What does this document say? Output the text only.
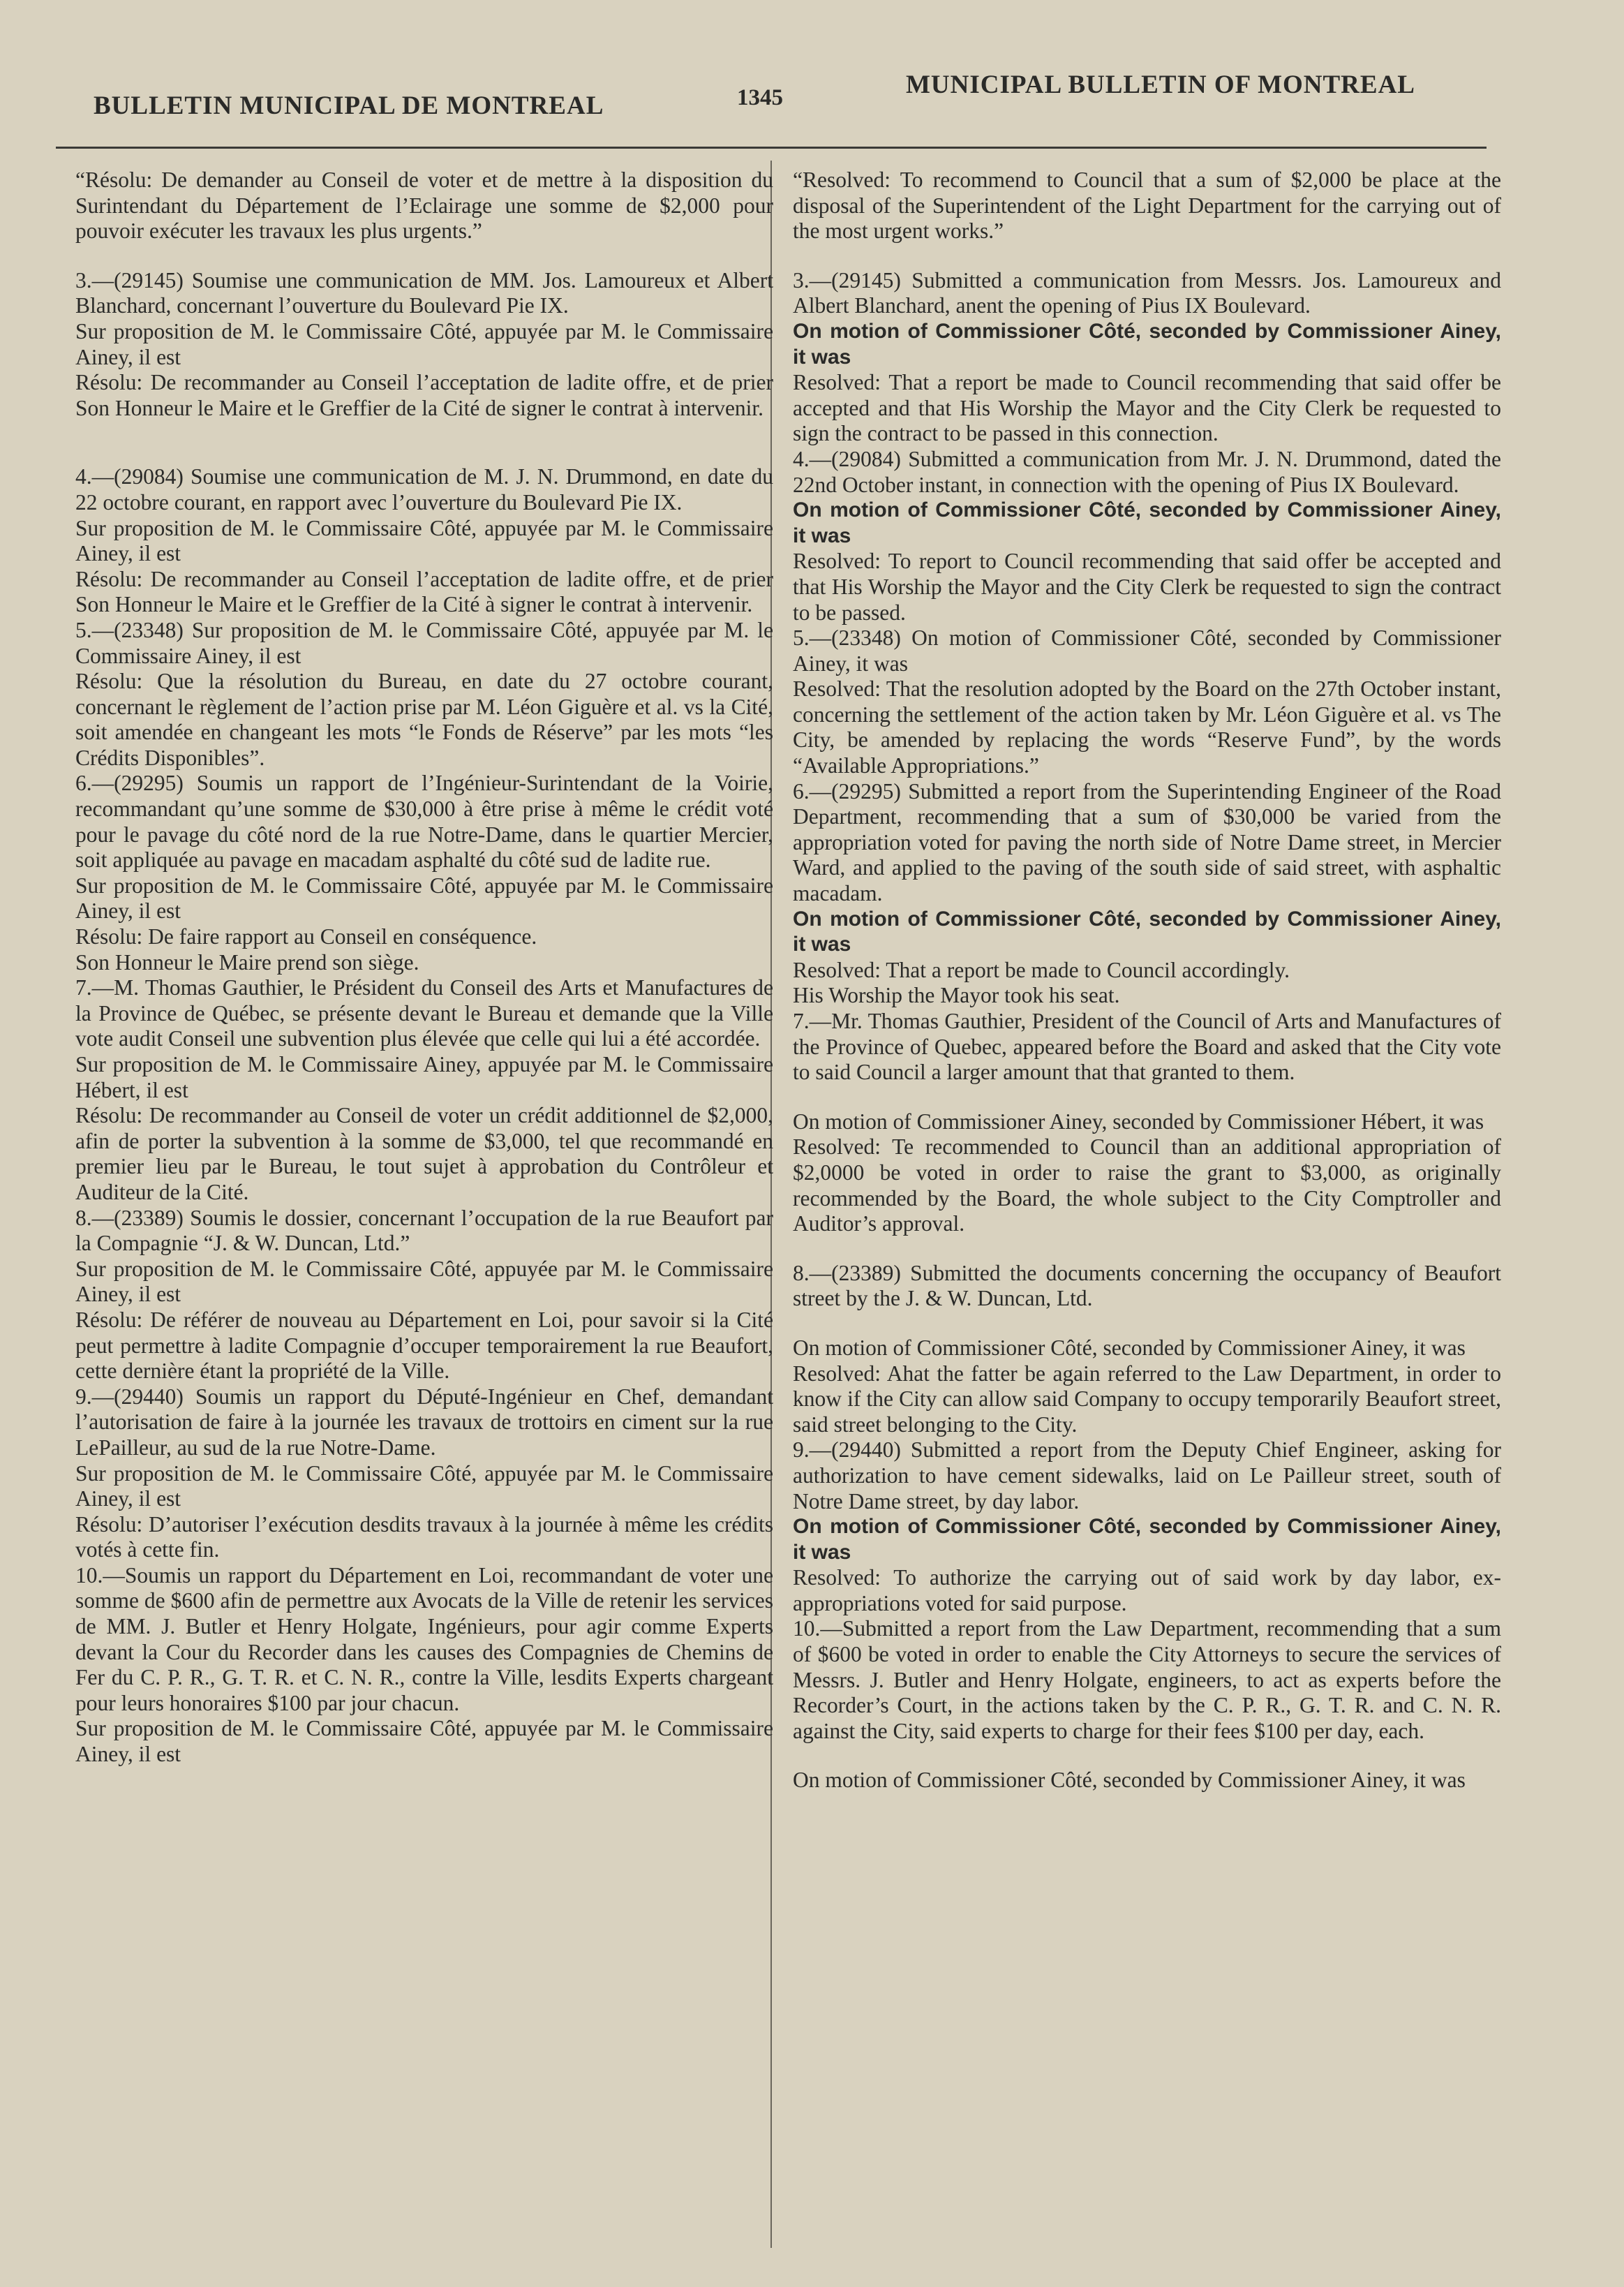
BULLETIN MUNICIPAL DE MONTREAL	1345	MUNICIPAL BULLETIN OF MONTREAL

“Résolu: De demander au Conseil de voter et de mettre à la disposition du Surintendant du Département de l’Eclairage une somme de $2,000 pour pouvoir exécuter les travaux les plus urgents.”

3.—(29145) Soumise une communication de MM. Jos. Lamoureux et Albert Blanchard, concernant l’ouverture du Boulevard Pie IX.

Sur proposition de M. le Commissaire Côté, appuyée par M. le Commissaire Ainey, il est

Résolu: De recommander au Conseil l’acceptation de ladite offre, et de prier Son Honneur le Maire et le Greffier de la Cité de signer le contrat à intervenir.

4.—(29084) Soumise une communication de M. J. N. Drummond, en date du 22 octobre courant, en rapport avec l’ouverture du Boulevard Pie IX.

Sur proposition de M. le Commissaire Côté, appuyée par M. le Commissaire Ainey, il est

Résolu: De recommander au Conseil l’acceptation de ladite offre, et de prier Son Honneur le Maire et le Greffier de la Cité à signer le contrat à intervenir.

5.—(23348) Sur proposition de M. le Commissaire Côté, appuyée par M. le Commissaire Ainey, il est

Résolu: Que la résolution du Bureau, en date du 27 octobre courant, concernant le règlement de l’action prise par M. Léon Giguère et al. vs la Cité, soit amendée en changeant les mots “le Fonds de Réserve” par les mots “les Crédits Disponibles”.

6.—(29295) Soumis un rapport de l’Ingénieur-Surintendant de la Voirie, recommandant qu’une somme de $30,000 à être prise à même le crédit voté pour le pavage du côté nord de la rue Notre-Dame, dans le quartier Mercier, soit appliquée au pavage en macadam asphalté du côté sud de ladite rue.

Sur proposition de M. le Commissaire Côté, appuyée par M. le Commissaire Ainey, il est

Résolu: De faire rapport au Conseil en conséquence.

Son Honneur le Maire prend son siège.

7.—M. Thomas Gauthier, le Président du Conseil des Arts et Manufactures de la Province de Québec, se présente devant le Bureau et demande que la Ville vote audit Conseil une subvention plus élevée que celle qui lui a été accordée.

Sur proposition de M. le Commissaire Ainey, appuyée par M. le Commissaire Hébert, il est

Résolu: De recommander au Conseil de voter un crédit additionnel de $2,000, afin de porter la subvention à la somme de $3,000, tel que recommandé en premier lieu par le Bureau, le tout sujet à approbation du Contrôleur et Auditeur de la Cité.

8.—(23389) Soumis le dossier, concernant l’occupation de la rue Beaufort par la Compagnie “J. & W. Duncan, Ltd.”

Sur proposition de M. le Commissaire Côté, appuyée par M. le Commissaire Ainey, il est

Résolu: De référer de nouveau au Département en Loi, pour savoir si la Cité peut permettre à ladite Compagnie d’occuper temporairement la rue Beaufort, cette dernière étant la propriété de la Ville.

9.—(29440) Soumis un rapport du Député-Ingénieur en Chef, demandant l’autorisation de faire à la journée les travaux de trottoirs en ciment sur la rue LePailleur, au sud de la rue Notre-Dame.

Sur proposition de M. le Commissaire Côté, appuyée par M. le Commissaire Ainey, il est

Résolu: D’autoriser l’exécution desdits travaux à la journée à même les crédits votés à cette fin.

10.—Soumis un rapport du Département en Loi, recommandant de voter une somme de $600 afin de permettre aux Avocats de la Ville de retenir les services de MM. J. Butler et Henry Holgate, Ingénieurs, pour agir comme Experts devant la Cour du Recorder dans les causes des Compagnies de Chemins de Fer du C. P. R., G. T. R. et C. N. R., contre la Ville, lesdits Experts chargeant pour leurs honoraires $100 par jour chacun.

Sur proposition de M. le Commissaire Côté, appuyée par M. le Commissaire Ainey, il est

“Resolved: To recommend to Council that a sum of $2,000 be place at the disposal of the Superintendent of the Light Department for the carrying out of the most urgent works.”

3.—(29145) Submitted a communication from Messrs. Jos. Lamoureux and Albert Blanchard, anent the opening of Pius IX Boulevard.

On motion of Commissioner Côté, seconded by Commissioner Ainey, it was

Resolved: That a report be made to Council recommending that said offer be accepted and that His Worship the Mayor and the City Clerk be requested to sign the contract to be passed in this connection.

4.—(29084) Submitted a communication from Mr. J. N. Drummond, dated the 22nd October instant, in connection with the opening of Pius IX Boulevard.

On motion of Commissioner Côté, seconded by Commissioner Ainey, it was

Resolved: To report to Council recommending that said offer be accepted and that His Worship the Mayor and the City Clerk be requested to sign the contract to be passed.

5.—(23348) On motion of Commissioner Côté, seconded by Commissioner Ainey, it was

Resolved: That the resolution adopted by the Board on the 27th October instant, concerning the settlement of the action taken by Mr. Léon Giguère et al. vs The City, be amended by replacing the words “Reserve Fund”, by the words “Available Appropriations.”

6.—(29295) Submitted a report from the Superintending Engineer of the Road Department, recommending that a sum of $30,000 be varied from the appropriation voted for paving the north side of Notre Dame street, in Mercier Ward, and applied to the paving of the south side of said street, with asphaltic macadam.

On motion of Commissioner Côté, seconded by Commissioner Ainey, it was

Resolved: That a report be made to Council accordingly.

His Worship the Mayor took his seat.

7.—Mr. Thomas Gauthier, President of the Council of Arts and Manufactures of the Province of Quebec, appeared before the Board and asked that the City vote to said Council a larger amount that that granted to them.

On motion of Commissioner Ainey, seconded by Commissioner Hébert, it was

Resolved: Te recommended to Council than an additional appropriation of $2,0000 be voted in order to raise the grant to $3,000, as originally recommended by the Board, the whole subject to the City Comptroller and Auditor’s approval.

8.—(23389) Submitted the documents concerning the occupancy of Beaufort street by the J. & W. Duncan, Ltd.

On motion of Commissioner Côté, seconded by Commissioner Ainey, it was

Resolved: Ahat the fatter be again referred to the Law Department, in order to know if the City can allow said Company to occupy temporarily Beaufort street, said street belonging to the City.

9.—(29440) Submitted a report from the Deputy Chief Engineer, asking for authorization to have cement sidewalks, laid on Le Pailleur street, south of Notre Dame street, by day labor.

On motion of Commissioner Côté, seconded by Commissioner Ainey, it was

Resolved: To authorize the carrying out of said work by day labor, ex-appropriations voted for said purpose.

10.—Submitted a report from the Law Department, recommending that a sum of $600 be voted in order to enable the City Attorneys to secure the services of Messrs. J. Butler and Henry Holgate, engineers, to act as experts before the Recorder’s Court, in the actions taken by the C. P. R., G. T. R. and C. N. R. against the City, said experts to charge for their fees $100 per day, each.

On motion of Commissioner Côté, seconded by Commissioner Ainey, it was
